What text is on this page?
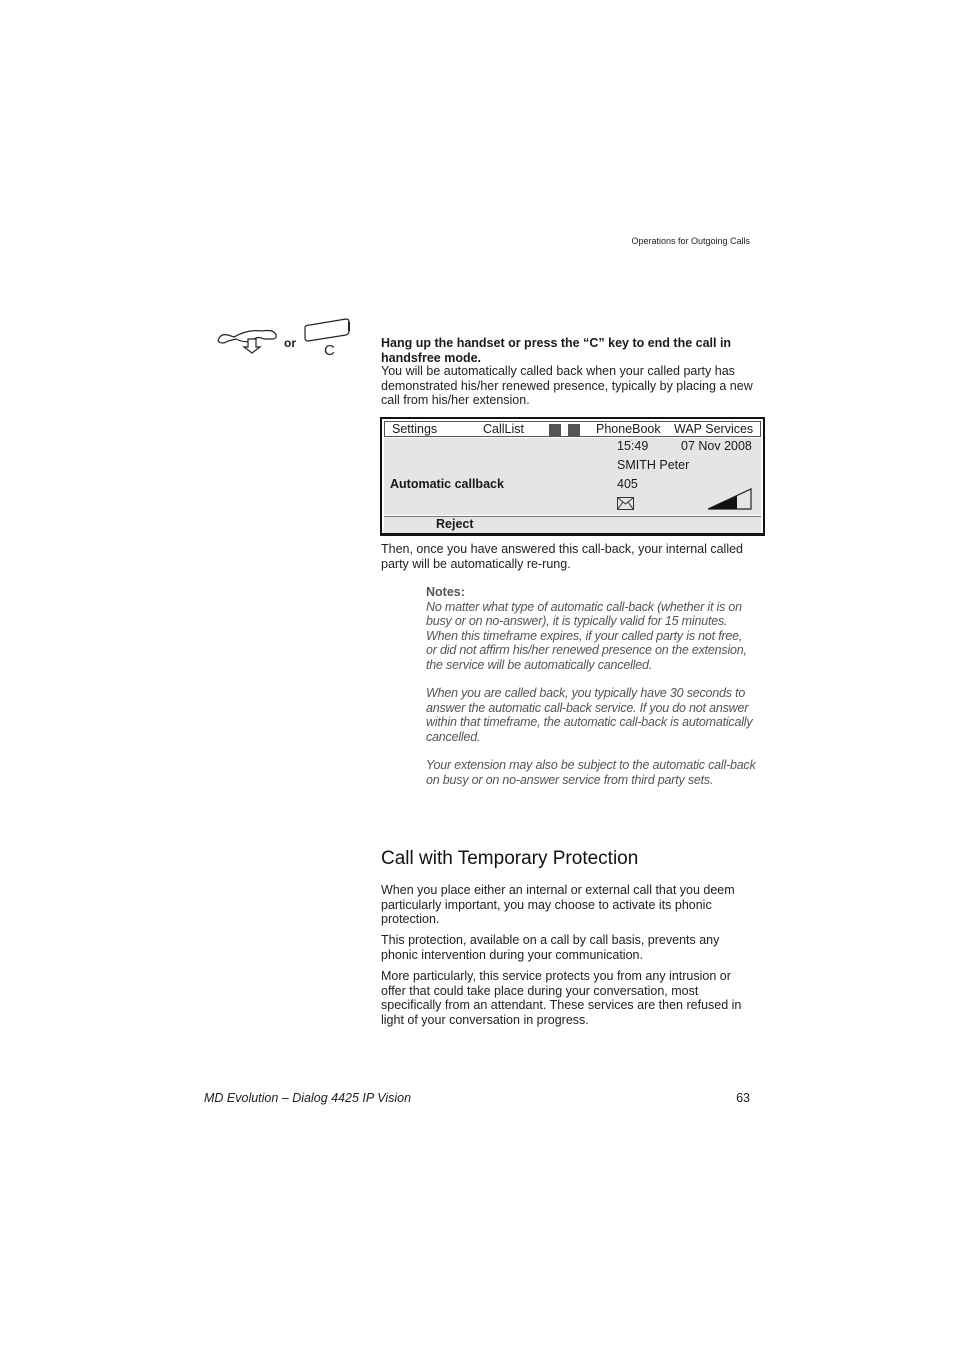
Operations for Outgoing Calls
or C	Hang up the handset or press the “C” key to end the call in handsfree mode.
You will be automatically called back when your called party has demonstrated his/her renewed presence, typically by placing a new call from his/her extension.
Settings	CallList	PhoneBook WAP Services
15:49	07 Nov 2008
SMITH Peter
Automatic callback	405
Reject
Then, once you have answered this call-back, your internal called party will be automatically re-rung.
Notes:
No matter what type of automatic call-back (whether it is on busy or on no-answer), it is typically valid for 15 minutes. When this timeframe expires, if your called party is not free, or did not affirm his/her renewed presence on the extension, the service will be automatically cancelled.
When you are called back, you typically have 30 seconds to answer the automatic call-back service. If you do not answer within that timeframe, the automatic call-back is automatically cancelled.
Your extension may also be subject to the automatic call-back on busy or on no-answer service from third party sets.
Call with Temporary Protection
When you place either an internal or external call that you deem particularly important, you may choose to activate its phonic protection.
This protection, available on a call by call basis, prevents any phonic intervention during your communication.
More particularly, this service protects you from any intrusion or offer that could take place during your conversation, most specifically from an attendant. These services are then refused in light of your conversation in progress.
MD Evolution – Dialog 4425 IP Vision	63
